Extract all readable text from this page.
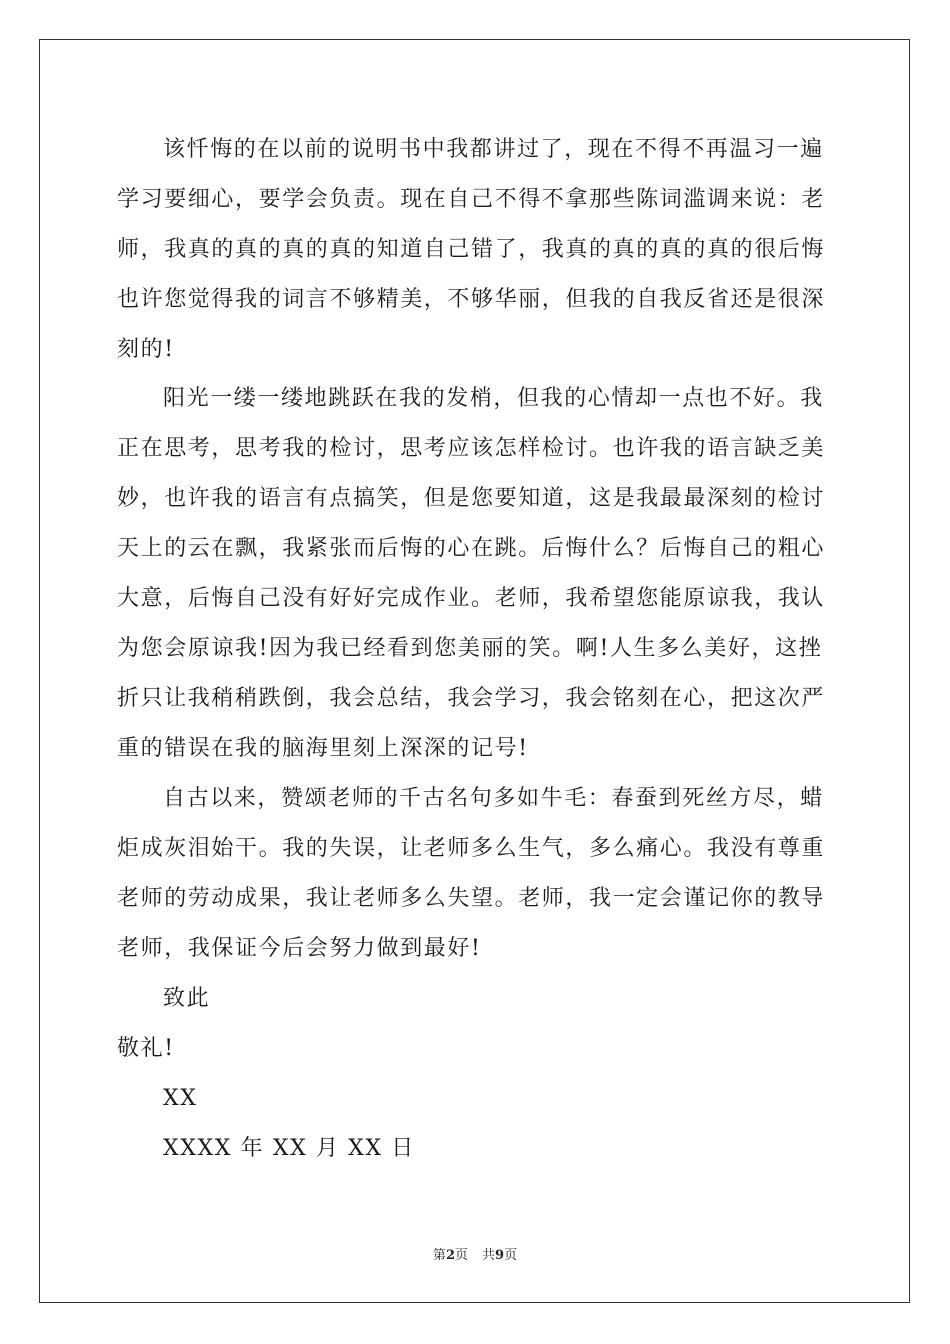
该忏悔的在以前的说明书中我都讲过了，现在不得不再温习一遍
学习要细心，要学会负责。现在自己不得不拿那些陈词滥调来说：老
师，我真的真的真的真的知道自己错了，我真的真的真的真的很后悔
也许您觉得我的词言不够精美，不够华丽，但我的自我反省还是很深
刻的!
阳光一缕一缕地跳跃在我的发梢，但我的心情却一点也不好。我
正在思考，思考我的检讨，思考应该怎样检讨。也许我的语言缺乏美
妙，也许我的语言有点搞笑，但是您要知道，这是我最最深刻的检讨
天上的云在飘，我紧张而后悔的心在跳。后悔什么？后悔自己的粗心
大意，后悔自己没有好好完成作业。老师，我希望您能原谅我，我认
为您会原谅我!因为我已经看到您美丽的笑。啊!人生多么美好，这挫
折只让我稍稍跌倒，我会总结，我会学习，我会铭刻在心，把这次严
重的错误在我的脑海里刻上深深的记号!
自古以来，赞颂老师的千古名句多如牛毛：春蚕到死丝方尽，蜡
炬成灰泪始干。我的失误，让老师多么生气，多么痛心。我没有尊重
老师的劳动成果，我让老师多么失望。老师，我一定会谨记你的教导
老师，我保证今后会努力做到最好!
致此
敬礼!
XX
XXXX 年 XX 月 XX 日
第2页 共9页
